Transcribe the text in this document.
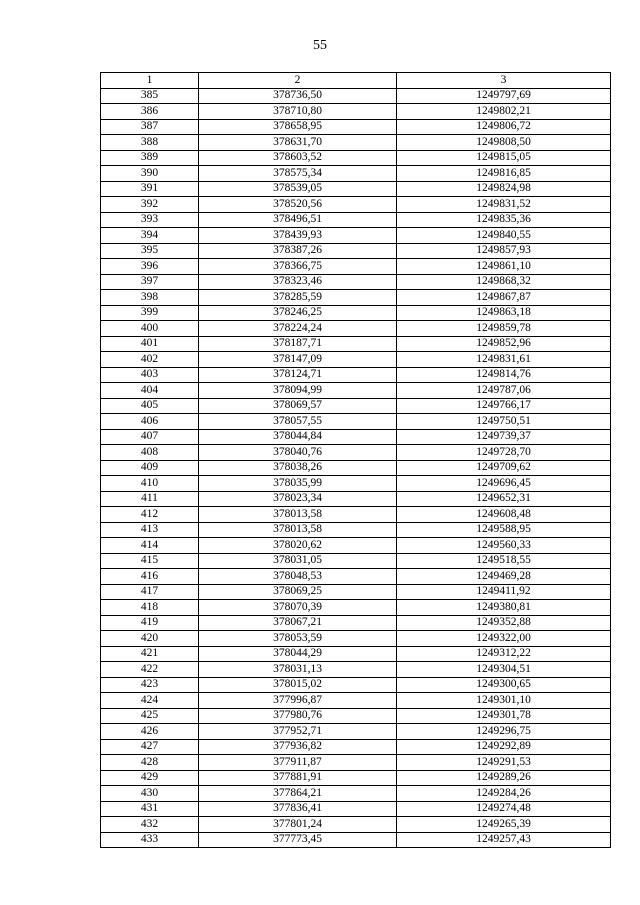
55
1	2	3
385	378736,50	1249797,69
386	378710,80	1249802,21
387	378658,95	1249806,72
388	378631,70	1249808,50
389	378603,52	1249815,05
390	378575,34	1249816,85
391	378539,05	1249824,98
392	378520,56	1249831,52
393	378496,51	1249835,36
394	378439,93	1249840,55
395	378387,26	1249857,93
396	378366,75	1249861,10
397	378323,46	1249868,32
398	378285,59	1249867,87
399	378246,25	1249863,18
400	378224,24	1249859,78
401	378187,71	1249852,96
402	378147,09	1249831,61
403	378124,71	1249814,76
404	378094,99	1249787,06
405	378069,57	1249766,17
406	378057,55	1249750,51
407	378044,84	1249739,37
408	378040,76	1249728,70
409	378038,26	1249709,62
410	378035,99	1249696,45
411	378023,34	1249652,31
412	378013,58	1249608,48
413	378013,58	1249588,95
414	378020,62	1249560,33
415	378031,05	1249518,55
416	378048,53	1249469,28
417	378069,25	1249411,92
418	378070,39	1249380,81
419	378067,21	1249352,88
420	378053,59	1249322,00
421	378044,29	1249312,22
422	378031,13	1249304,51
423	378015,02	1249300,65
424	377996,87	1249301,10
425	377980,76	1249301,78
426	377952,71	1249296,75
427	377936,82	1249292,89
428	377911,87	1249291,53
429	377881,91	1249289,26
430	377864,21	1249284,26
431	377836,41	1249274,48
432	377801,24	1249265,39
433	377773,45	1249257,43
